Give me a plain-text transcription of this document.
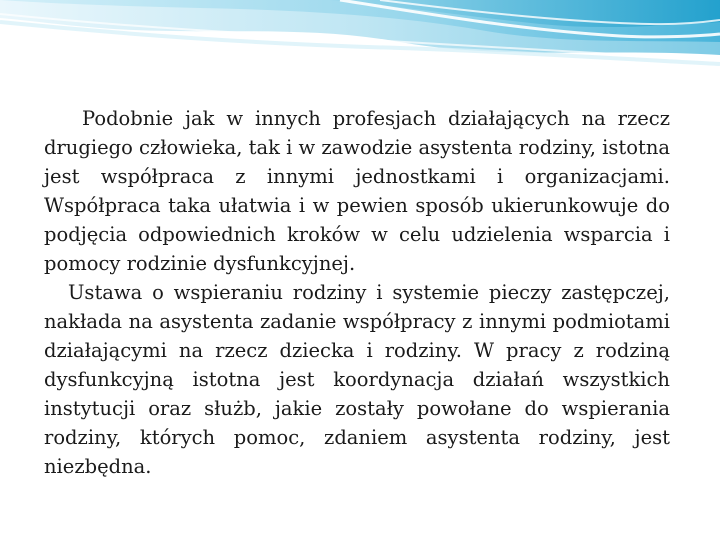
Podobnie jak w innych profesjach działających na rzecz drugiego człowieka, tak i w zawodzie asystenta rodziny, istotna jest współpraca z innymi jednostkami i organizacjami. Współpraca taka ułatwia i w pewien sposób ukierunkowuje do podjęcia odpowiednich kroków w celu udzielenia wsparcia i pomocy rodzinie dysfunkcyjnej.

Ustawa o wspieraniu rodziny i systemie pieczy zastępczej, nakłada na asystenta zadanie współpracy z innymi podmiotami działającymi na rzecz dziecka i rodziny. W pracy z rodziną dysfunkcyjną istotna jest koordynacja działań wszystkich instytucji oraz służb, jakie zostały powołane do wspierania rodziny, których pomoc, zdaniem asystenta rodziny, jest niezbędna.
